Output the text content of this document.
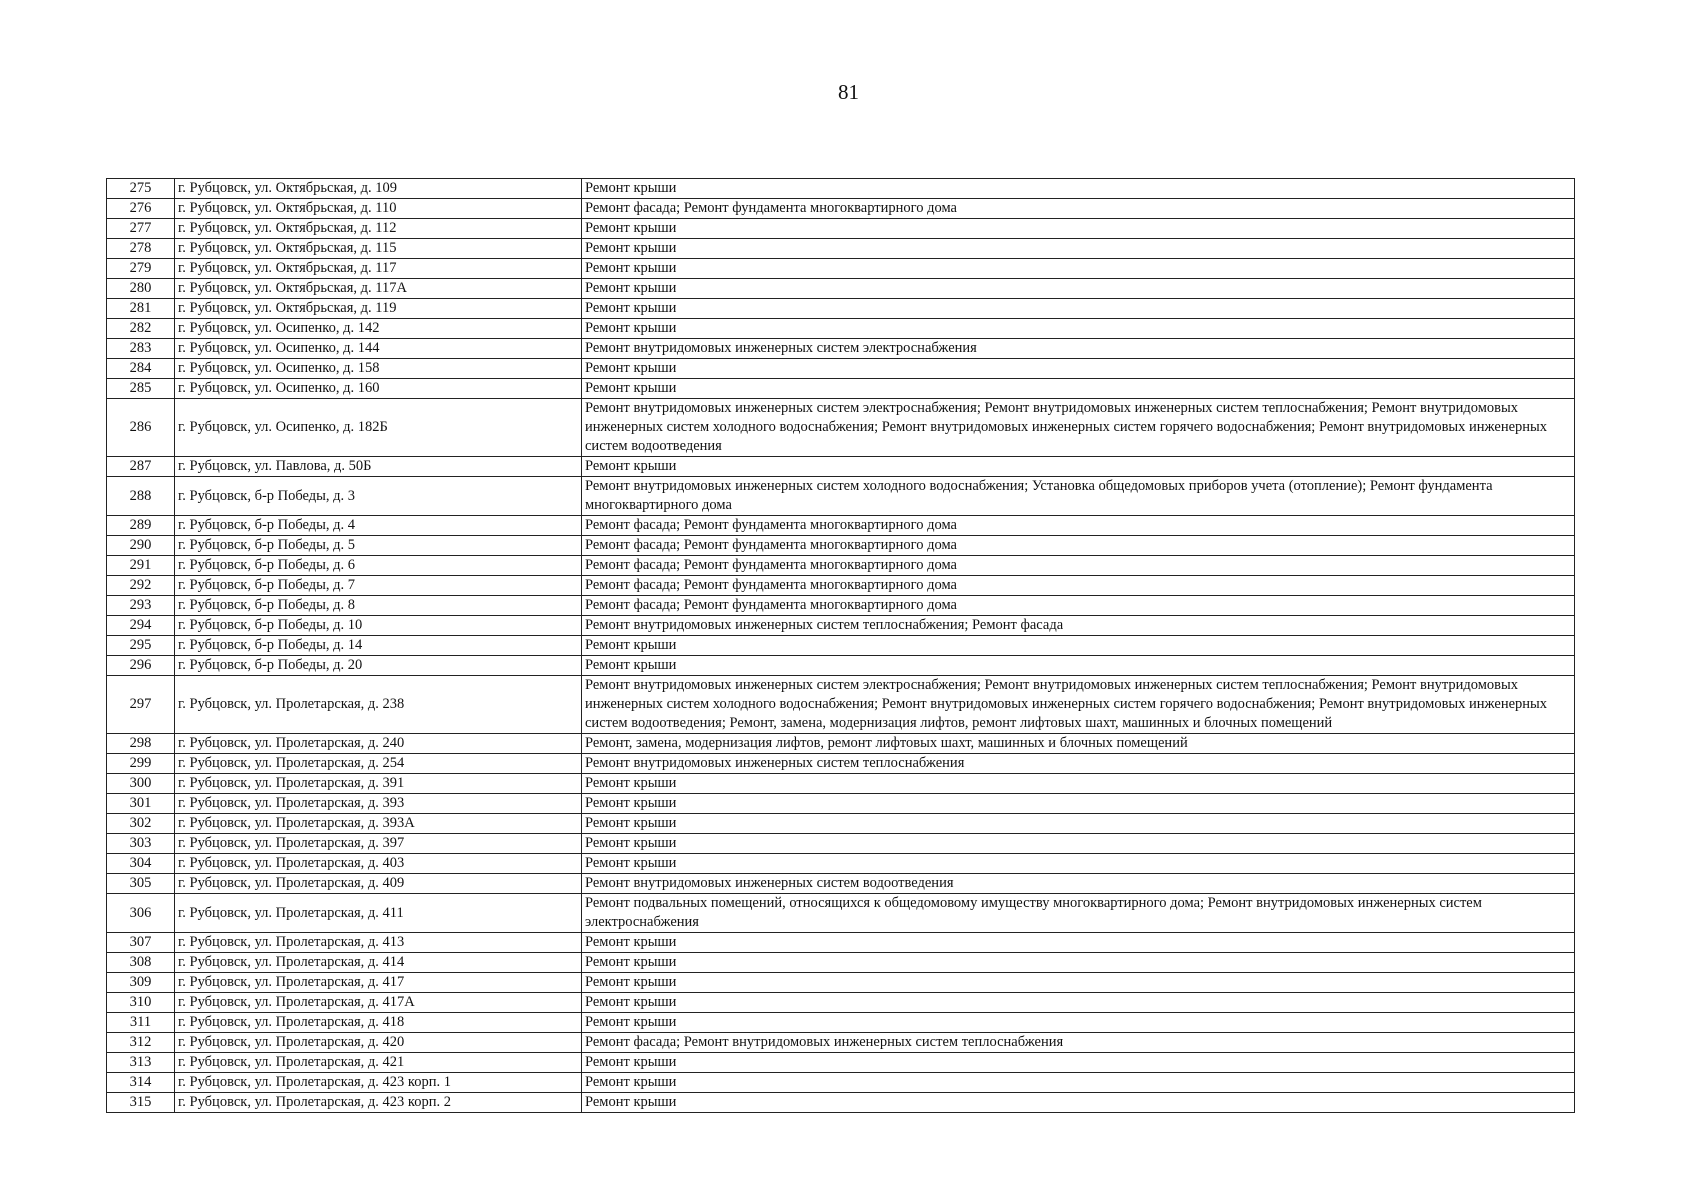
81
275	г. Рубцовск, ул. Октябрьская, д. 109	Ремонт крыши
276	г. Рубцовск, ул. Октябрьская, д. 110	Ремонт фасада; Ремонт фундамента многоквартирного дома
277	г. Рубцовск, ул. Октябрьская, д. 112	Ремонт крыши
278	г. Рубцовск, ул. Октябрьская, д. 115	Ремонт крыши
279	г. Рубцовск, ул. Октябрьская, д. 117	Ремонт крыши
280	г. Рубцовск, ул. Октябрьская, д. 117А	Ремонт крыши
281	г. Рубцовск, ул. Октябрьская, д. 119	Ремонт крыши
282	г. Рубцовск, ул. Осипенко, д. 142	Ремонт крыши
283	г. Рубцовск, ул. Осипенко, д. 144	Ремонт внутридомовых инженерных систем электроснабжения
284	г. Рубцовск, ул. Осипенко, д. 158	Ремонт крыши
285	г. Рубцовск, ул. Осипенко, д. 160	Ремонт крыши
286	г. Рубцовск, ул. Осипенко, д. 182Б	Ремонт внутридомовых инженерных систем электроснабжения; Ремонт внутридомовых инженерных систем теплоснабжения; Ремонт внутридомовых инженерных систем холодного водоснабжения; Ремонт внутридомовых инженерных систем горячего водоснабжения; Ремонт внутридомовых инженерных систем водоотведения
287	г. Рубцовск, ул. Павлова, д. 50Б	Ремонт крыши
288	г. Рубцовск, б-р Победы, д. 3	Ремонт внутридомовых инженерных систем холодного водоснабжения; Установка общедомовых приборов учета (отопление); Ремонт фундамента многоквартирного дома
289	г. Рубцовск, б-р Победы, д. 4	Ремонт фасада; Ремонт фундамента многоквартирного дома
290	г. Рубцовск, б-р Победы, д. 5	Ремонт фасада; Ремонт фундамента многоквартирного дома
291	г. Рубцовск, б-р Победы, д. 6	Ремонт фасада; Ремонт фундамента многоквартирного дома
292	г. Рубцовск, б-р Победы, д. 7	Ремонт фасада; Ремонт фундамента многоквартирного дома
293	г. Рубцовск, б-р Победы, д. 8	Ремонт фасада; Ремонт фундамента многоквартирного дома
294	г. Рубцовск, б-р Победы, д. 10	Ремонт внутридомовых инженерных систем теплоснабжения; Ремонт фасада
295	г. Рубцовск, б-р Победы, д. 14	Ремонт крыши
296	г. Рубцовск, б-р Победы, д. 20	Ремонт крыши
297	г. Рубцовск, ул. Пролетарская, д. 238	Ремонт внутридомовых инженерных систем электроснабжения; Ремонт внутридомовых инженерных систем теплоснабжения; Ремонт внутридомовых инженерных систем холодного водоснабжения; Ремонт внутридомовых инженерных систем горячего водоснабжения; Ремонт внутридомовых инженерных систем водоотведения; Ремонт, замена, модернизация лифтов, ремонт лифтовых шахт, машинных и блочных помещений
298	г. Рубцовск, ул. Пролетарская, д. 240	Ремонт, замена, модернизация лифтов, ремонт лифтовых шахт, машинных и блочных помещений
299	г. Рубцовск, ул. Пролетарская, д. 254	Ремонт внутридомовых инженерных систем теплоснабжения
300	г. Рубцовск, ул. Пролетарская, д. 391	Ремонт крыши
301	г. Рубцовск, ул. Пролетарская, д. 393	Ремонт крыши
302	г. Рубцовск, ул. Пролетарская, д. 393А	Ремонт крыши
303	г. Рубцовск, ул. Пролетарская, д. 397	Ремонт крыши
304	г. Рубцовск, ул. Пролетарская, д. 403	Ремонт крыши
305	г. Рубцовск, ул. Пролетарская, д. 409	Ремонт внутридомовых инженерных систем водоотведения
306	г. Рубцовск, ул. Пролетарская, д. 411	Ремонт подвальных помещений, относящихся к общедомовому имуществу многоквартирного дома; Ремонт внутридомовых инженерных систем электроснабжения
307	г. Рубцовск, ул. Пролетарская, д. 413	Ремонт крыши
308	г. Рубцовск, ул. Пролетарская, д. 414	Ремонт крыши
309	г. Рубцовск, ул. Пролетарская, д. 417	Ремонт крыши
310	г. Рубцовск, ул. Пролетарская, д. 417А	Ремонт крыши
311	г. Рубцовск, ул. Пролетарская, д. 418	Ремонт крыши
312	г. Рубцовск, ул. Пролетарская, д. 420	Ремонт фасада; Ремонт внутридомовых инженерных систем теплоснабжения
313	г. Рубцовск, ул. Пролетарская, д. 421	Ремонт крыши
314	г. Рубцовск, ул. Пролетарская, д. 423 корп. 1	Ремонт крыши
315	г. Рубцовск, ул. Пролетарская, д. 423 корп. 2	Ремонт крыши
